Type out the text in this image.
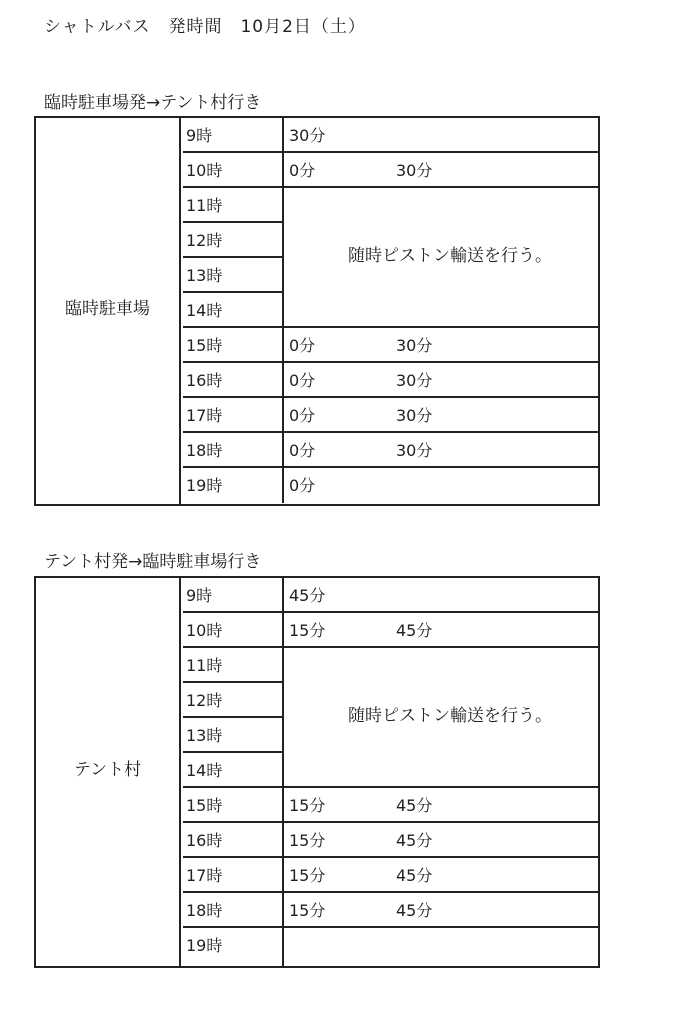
シャトルバス　発時間　10月2日（土）
臨時駐車場発→テント村行き
臨時駐車場
9時	30分
10時	0分	30分
11時
12時
13時
14時
随時ピストン輸送を行う。
15時	0分	30分
16時	0分	30分
17時	0分	30分
18時	0分	30分
19時	0分
テント村発→臨時駐車場行き
テント村
9時	45分
10時	15分	45分
11時
12時
13時
14時
随時ピストン輸送を行う。
15時	15分	45分
16時	15分	45分
17時	15分	45分
18時	15分	45分
19時
